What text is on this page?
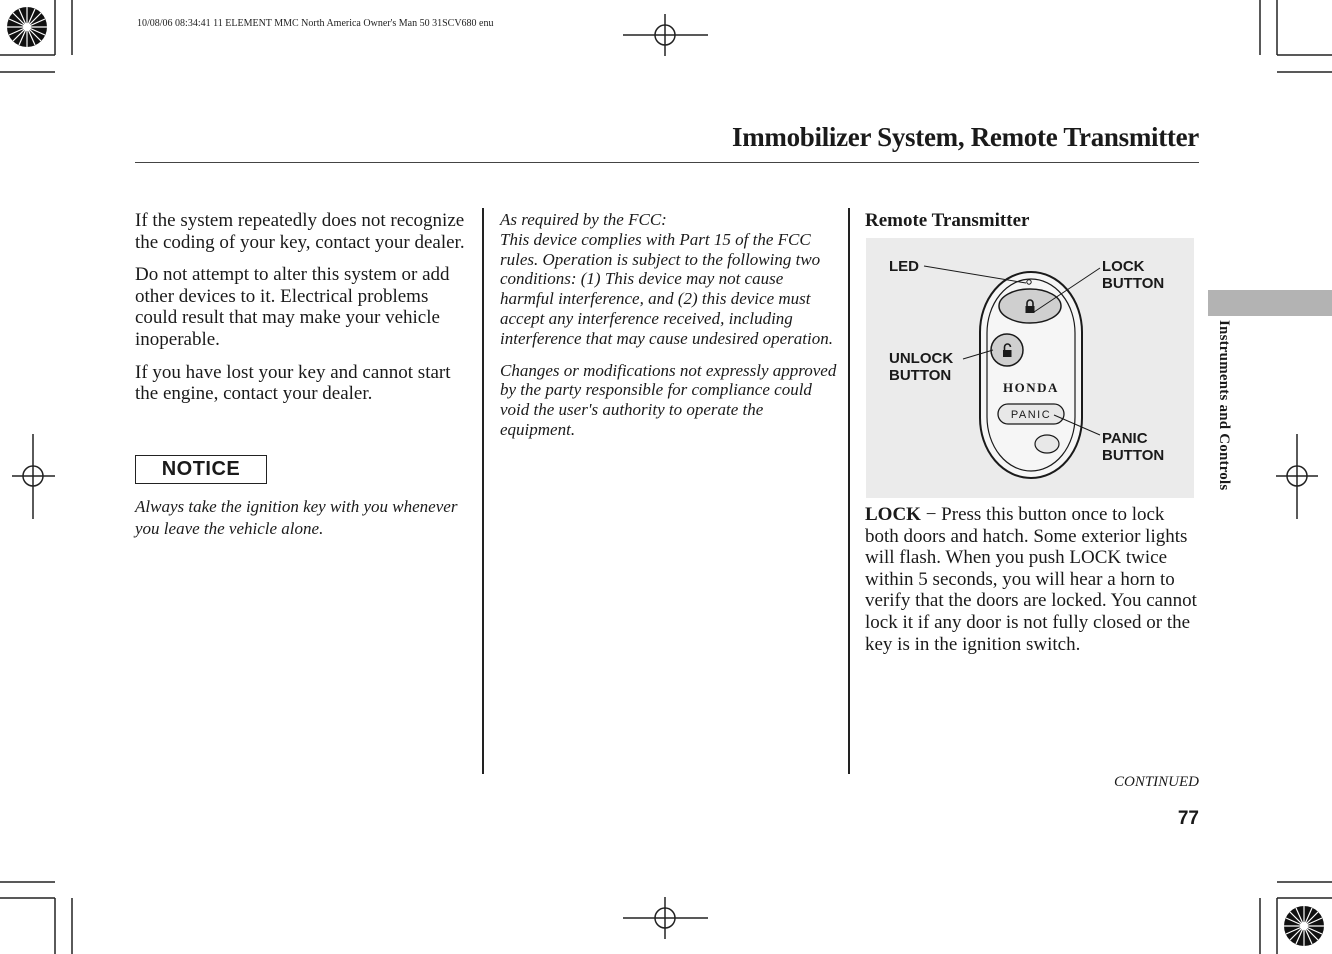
10/08/06 08:34:41 11 ELEMENT MMC North America Owner's Man 50 31SCV680 enu
Immobilizer System, Remote Transmitter

If the system repeatedly does not recognize the coding of your key, contact your dealer.

Do not attempt to alter this system or add other devices to it. Electrical problems could result that may make your vehicle inoperable.

If you have lost your key and cannot start the engine, contact your dealer.

NOTICE
Always take the ignition key with you whenever you leave the vehicle alone.

As required by the FCC:
This device complies with Part 15 of the FCC rules. Operation is subject to the following two conditions: (1) This device may not cause harmful interference, and (2) this device must accept any interference received, including interference that may cause undesired operation.

Changes or modifications not expressly approved by the party responsible for compliance could void the user's authority to operate the equipment.

Remote Transmitter
PANIC
HONDA
LED	LOCK
BUTTON
UNLOCK
BUTTON
PANIC
BUTTON
LOCK − Press this button once to lock both doors and hatch. Some exterior lights will flash. When you push LOCK twice within 5 seconds, you will hear a horn to verify that the doors are locked. You cannot lock it if any door is not fully closed or the key is in the ignition switch.
Instruments and Controls
CONTINUED
77
